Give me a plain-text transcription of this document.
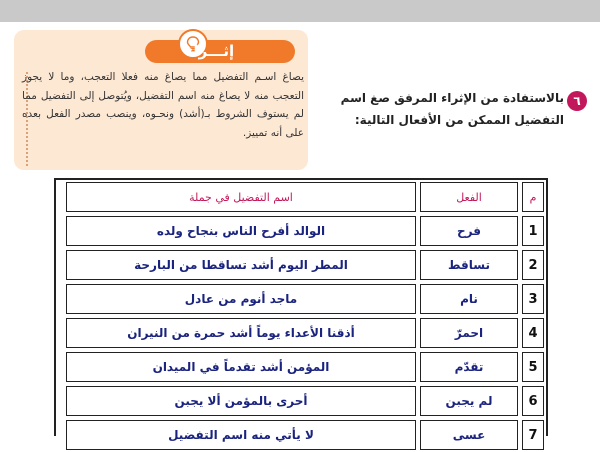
إثـــراء
يصاغ اسـم التفضيل مما يصاغ منه فعلا التعجب، وما لا يجوز التعجب منه لا يصاغ منه اسم التفضيل، ويُتوصل إلى التفضيل مما لم يستوف الشروط بـ(أشد) ونحـوه، وينصب مصدر الفعل بعده على أنه تمييز.
٦
بالاستفادة من الإثراء المرفق صغ اسم
التفضيل الممكن من الأفعال التالية:
م
الفعل
اسم التفضيل في جملة
1
فرح
الوالد أفرح الناس بنجاح ولده
2
تساقط
المطر اليوم أشد تساقطا من البارحة
3
نام
ماجد أنوم من عادل
4
احمرّ
أذقنا الأعداء يوماً أشد حمرة من النيران
5
تقدّم
المؤمن أشد تقدماً في الميدان
6
لم يجبن
أحرى بالمؤمن ألا يجبن
7
عسى
لا يأتي منه اسم التفضيل
